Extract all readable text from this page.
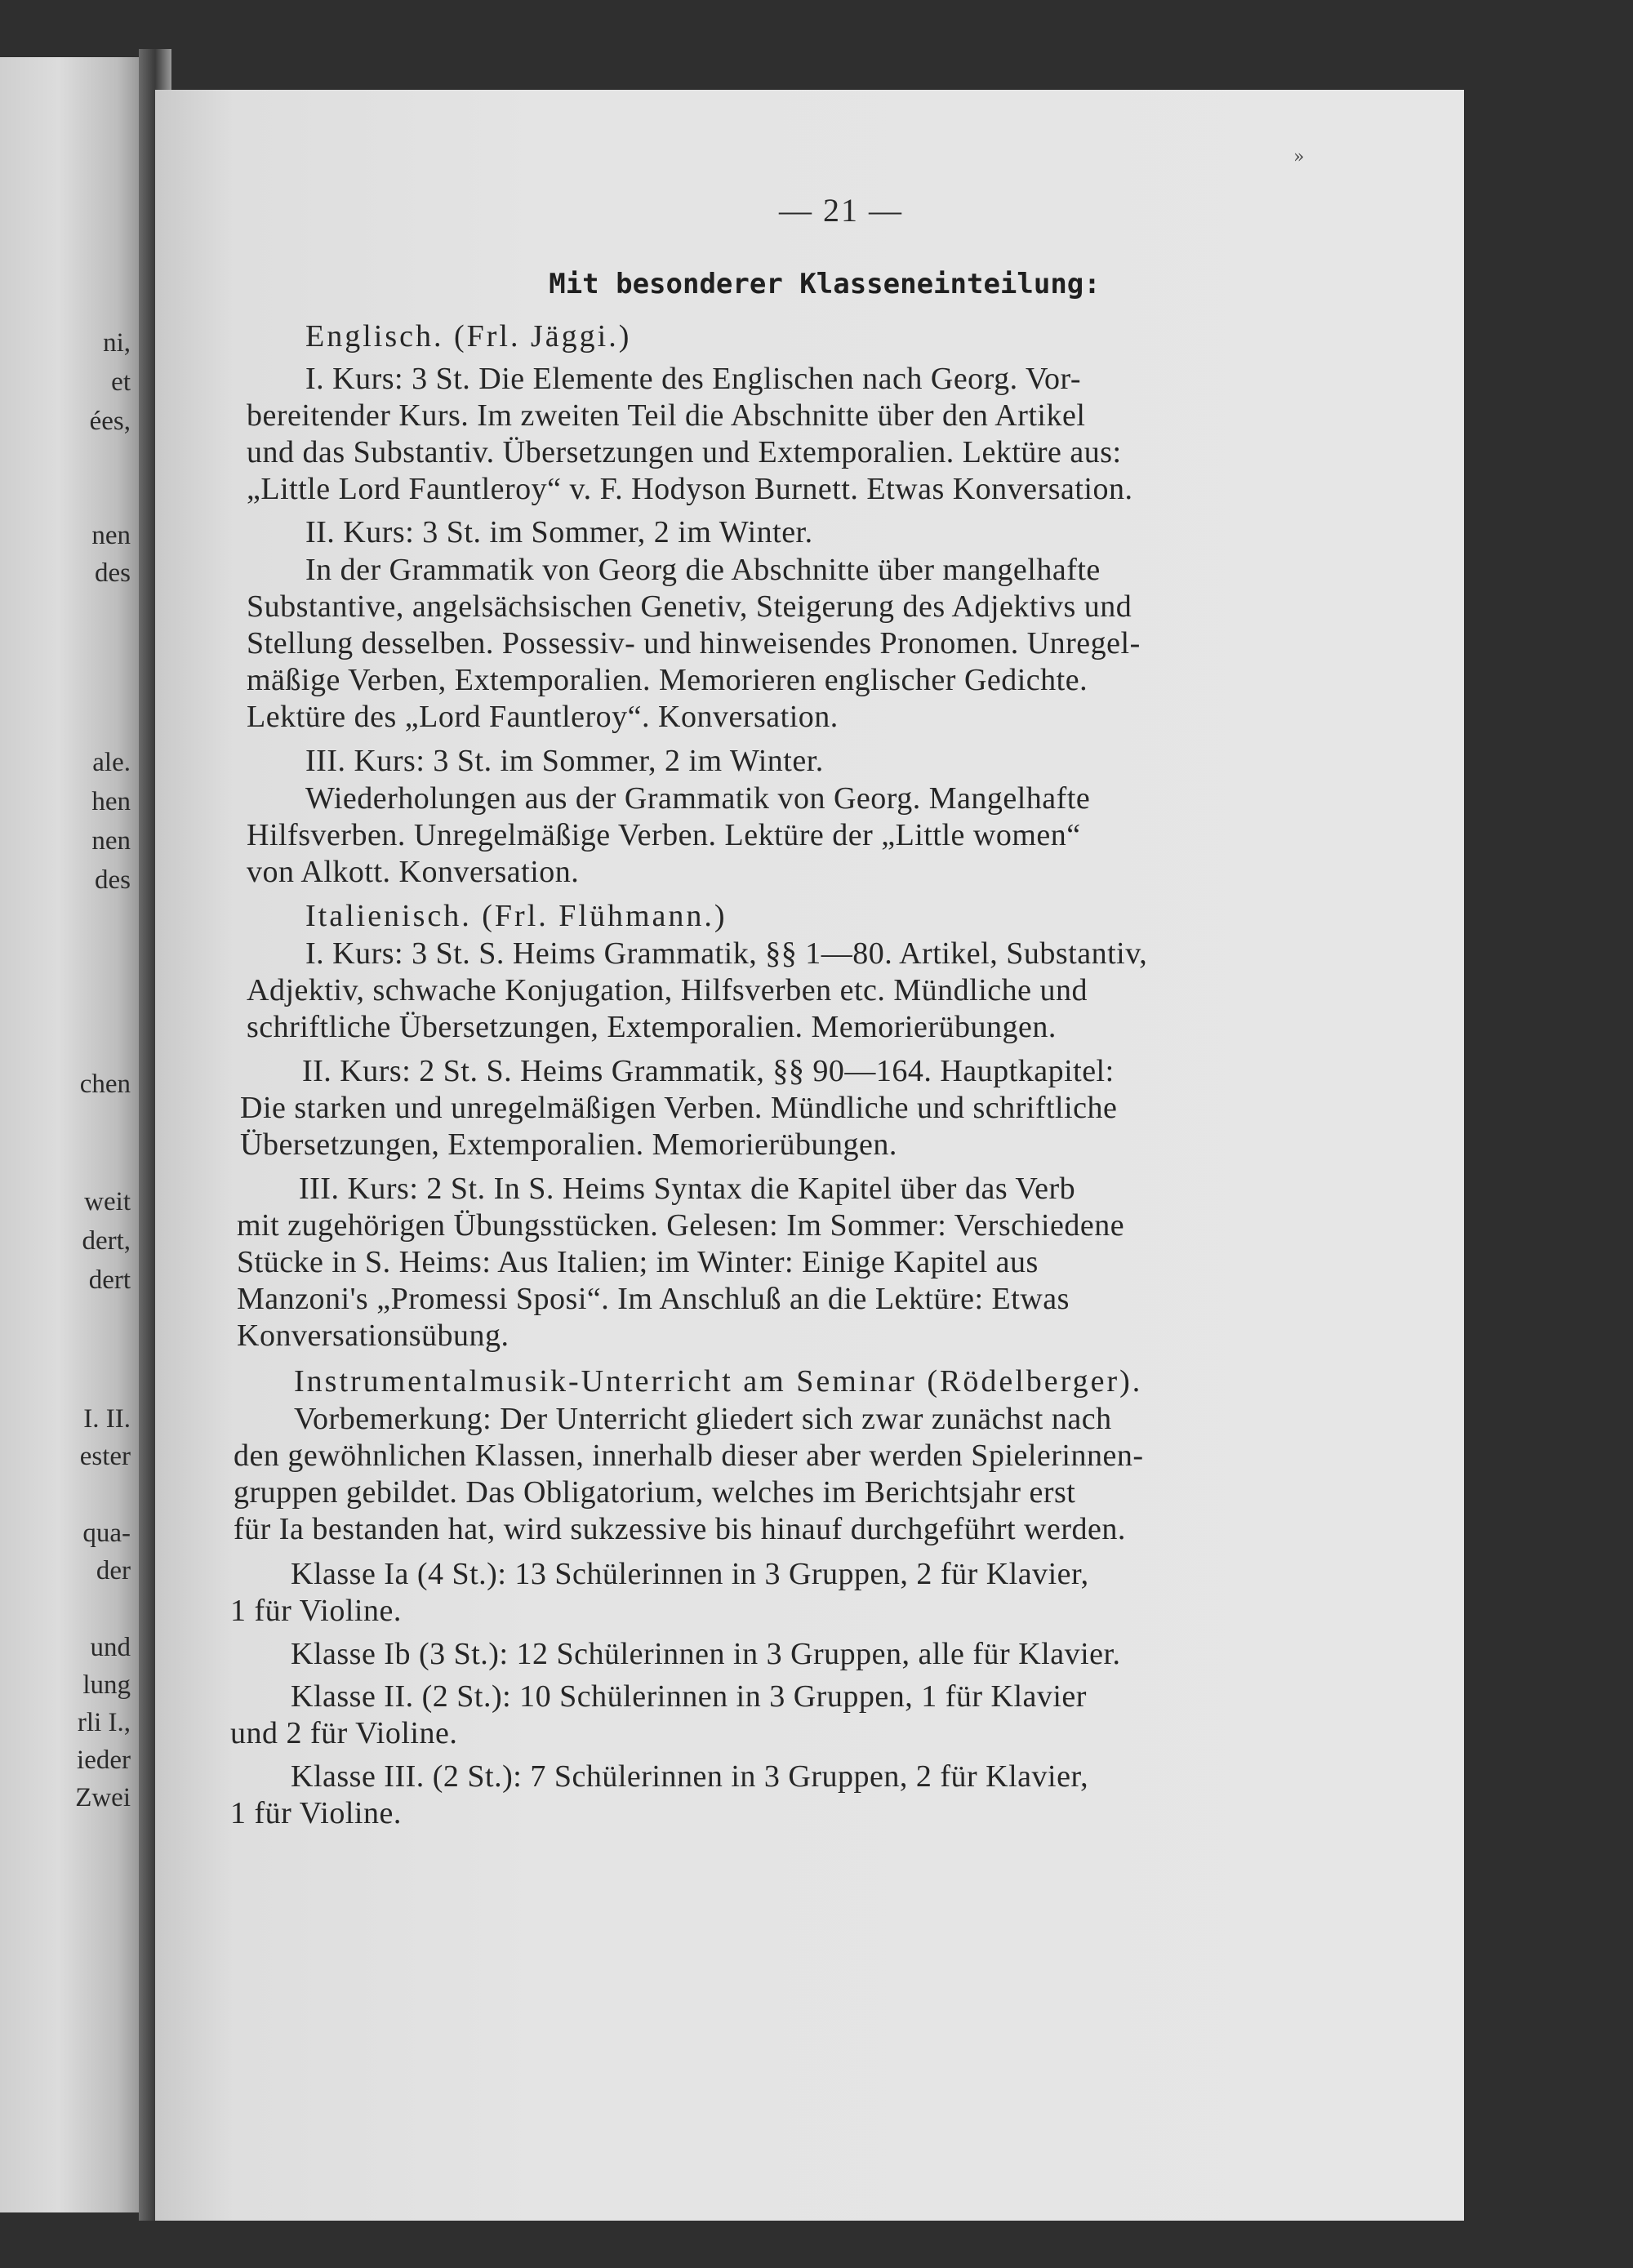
ni,
et
ées,
nen
des
ale.
hen
nen
des
chen
weit
dert,
dert
I. II.
ester
qua-
der
und
lung
rli I.,
ieder
Zwei
»
— 21 —
Mit besonderer Klasseneinteilung:
Englisch. (Frl. Jäggi.)
I. Kurs: 3 St. Die Elemente des Englischen nach Georg. Vor-
bereitender Kurs. Im zweiten Teil die Abschnitte über den Artikel
und das Substantiv. Übersetzungen und Extemporalien. Lektüre aus:
„Little Lord Fauntleroy“ v. F. Hodyson Burnett. Etwas Konversation.
II. Kurs: 3 St. im Sommer, 2 im Winter.
In der Grammatik von Georg die Abschnitte über mangelhafte
Substantive, angelsächsischen Genetiv, Steigerung des Adjektivs und
Stellung desselben. Possessiv- und hinweisendes Pronomen. Unregel-
mäßige Verben, Extemporalien. Memorieren englischer Gedichte.
Lektüre des „Lord Fauntleroy“. Konversation.
III. Kurs: 3 St. im Sommer, 2 im Winter.
Wiederholungen aus der Grammatik von Georg. Mangelhafte
Hilfsverben. Unregelmäßige Verben. Lektüre der „Little women“
von Alkott. Konversation.
Italienisch. (Frl. Flühmann.)
I. Kurs: 3 St. S. Heims Grammatik, §§ 1—80. Artikel, Substantiv,
Adjektiv, schwache Konjugation, Hilfsverben etc. Mündliche und
schriftliche Übersetzungen, Extemporalien. Memorierübungen.
II. Kurs: 2 St. S. Heims Grammatik, §§ 90—164. Hauptkapitel:
Die starken und unregelmäßigen Verben. Mündliche und schriftliche
Übersetzungen, Extemporalien. Memorierübungen.
III. Kurs: 2 St. In S. Heims Syntax die Kapitel über das Verb
mit zugehörigen Übungsstücken. Gelesen: Im Sommer: Verschiedene
Stücke in S. Heims: Aus Italien; im Winter: Einige Kapitel aus
Manzoni's „Promessi Sposi“. Im Anschluß an die Lektüre: Etwas
Konversationsübung.
Instrumentalmusik-Unterricht am Seminar (Rödelberger).
Vorbemerkung: Der Unterricht gliedert sich zwar zunächst nach
den gewöhnlichen Klassen, innerhalb dieser aber werden Spielerinnen-
gruppen gebildet. Das Obligatorium, welches im Berichtsjahr erst
für Ia bestanden hat, wird sukzessive bis hinauf durchgeführt werden.
Klasse Ia (4 St.): 13 Schülerinnen in 3 Gruppen, 2 für Klavier,
1 für Violine.
Klasse Ib (3 St.): 12 Schülerinnen in 3 Gruppen, alle für Klavier.
Klasse II. (2 St.): 10 Schülerinnen in 3 Gruppen, 1 für Klavier
und 2 für Violine.
Klasse III. (2 St.): 7 Schülerinnen in 3 Gruppen, 2 für Klavier,
1 für Violine.
